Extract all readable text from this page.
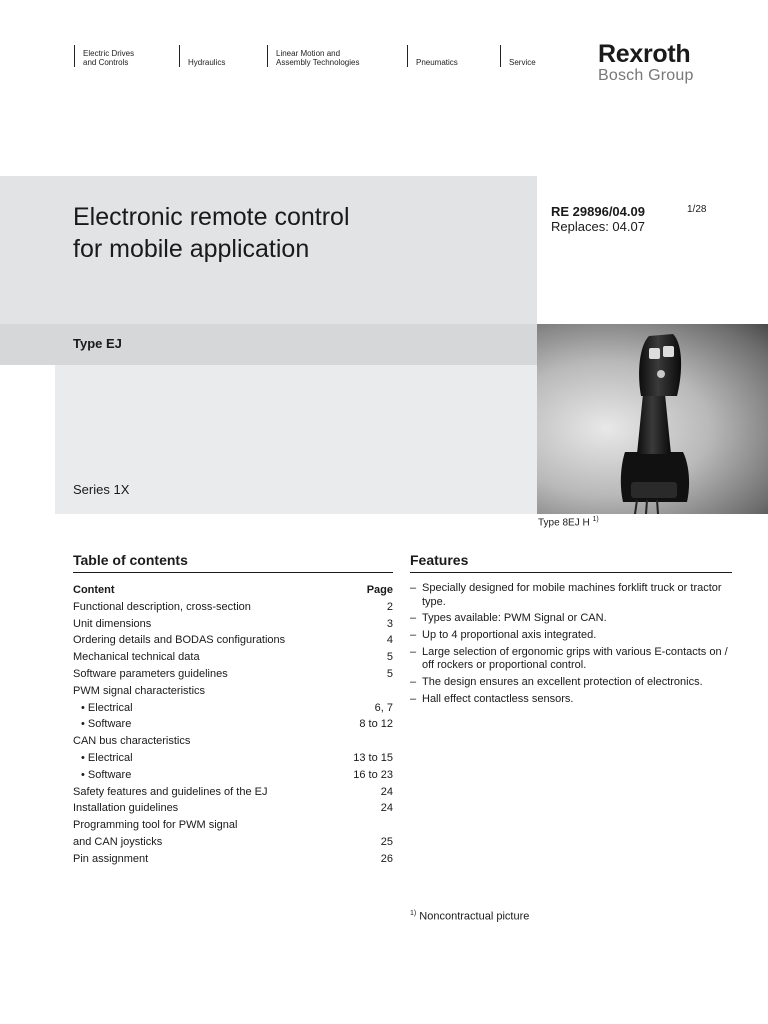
Electric Drives
and Controls	Hydraulics
Linear Motion and
Assembly Technologies	Pneumatics	Service Rexroth
Bosch Group
Electronic remote control
for mobile application
RE 29896/04.09
Replaces: 04.07
1/28
Type EJ
Series 1X
Type 8EJ H $^{1)}$
Table of contents
Content	Page
Functional description, cross-section	2
Unit dimensions	3
Ordering details and BODAS configurations	4
Mechanical technical data	5
Software parameters guidelines	5
PWM signal characteristics
• Electrical	6, 7
• Software	8 to 12
CAN bus characteristics
• Electrical	13 to 15
• Software	16 to 23
Safety features and guidelines of the EJ	24
Installation guidelines	24
Programming tool for PWM signal
and CAN joysticks	25
Pin assignment	26
Features
– Specially designed for mobile machines forklift truck or tractor type.
– Types available: PWM Signal or CAN.
– Up to 4 proportional axis integrated.
– Large selection of ergonomic grips with various E-contacts on / off rockers or proportional control.
– The design ensures an excellent protection of electronics.
– Hall effect contactless sensors.
$^{1)}$ Noncontractual picture
